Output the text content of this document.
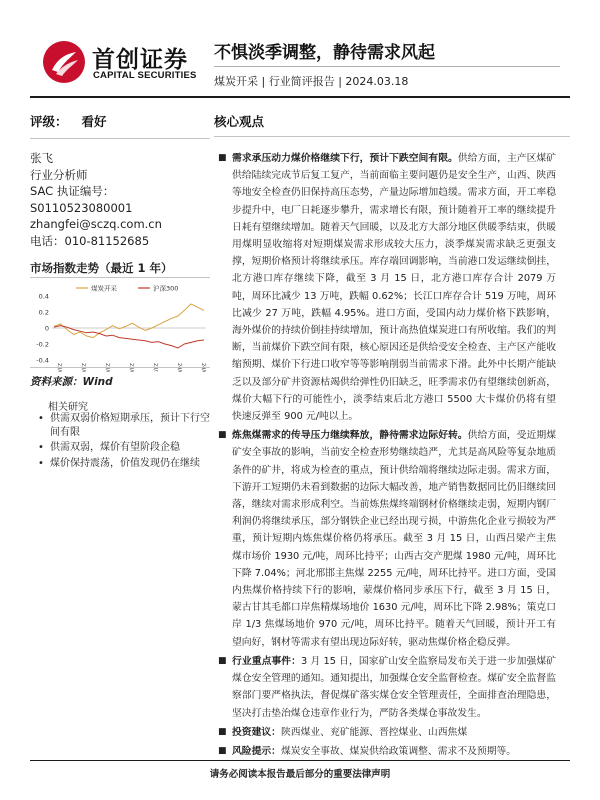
首创证券
CAPITAL SECURITIES
不惧淡季调整，静待需求风起
煤炭开采 | 行业简评报告 | 2024.03.18
评级： 看好
张飞
行业分析师
SAC 执证编号：
S0110523080001
zhangfei@sczq.com.cn
电话：010-81152685
市场指数走势（最近 1 年）
0.4
0.2
0
-0.2
-0.4
煤炭开采	沪深300
资料来源：Wind
相关研究
• 供需双弱价格短期承压，预计下行空间有限
• 供需双弱，煤价有望阶段企稳
• 煤价保持震荡，价值发现仍在继续
核心观点
■ 需求承压动力煤价格继续下行，预计下跌空间有限。供给方面，主产区煤矿供给陆续完成节后复工复产，当前面临主要问题仍是安全生产，山西、陕西等地安全检查仍旧保持高压态势，产量边际增加趋缓。需求方面，开工率稳步提升中，电厂日耗逐步攀升，需求增长有限，预计随着开工率的继续提升日耗有望继续增加。随着天气回暖，以及北方大部分地区供暖季结束，供暖用煤明显收缩将对短期煤炭需求形成较大压力，淡季煤炭需求缺乏更强支撑，短期价格预计将继续承压。库存端回调影响，当前港口发运继续倒挂，北方港口库存继续下降，截至 3 月 15 日，北方港口库存合计 2079 万吨，周环比减少 13 万吨，跌幅 0.62%；长江口库存合计 519 万吨，周环比减少 27 万吨，跌幅 4.95%。进口方面，受国内动力煤价格下跌影响，海外煤价的持续价倒挂持续增加，预计高热值煤炭进口有所收缩。我们的判断，当前煤价下跌空间有限，核心原因还是供给受安全检查、主产区产能收缩预期、煤价下行进口收窄等等影响削弱当前需求下滑。此外中长期产能缺乏以及部分矿井资源枯竭供给弹性仍旧缺乏，旺季需求仍有望继续创新高，煤价大幅下行的可能性小，淡季结束后北方港口 5500 大卡煤价仍将有望快速反弹至 900 元/吨以上。
■ 炼焦煤需求的传导压力继续释放，静待需求边际好转。供给方面，受近期煤矿安全事故的影响，当前安全检查形势继续趋严，尤其是高风险等复杂地质条件的矿井，将成为检查的重点，预计供给端将继续边际走弱。需求方面，下游开工短期仍未看到数据的边际大幅改善，地产销售数据同比仍旧继续回落，继续对需求形成利空。当前炼焦煤终端钢材价格继续走弱，短期内钢厂利润仍将继续承压，部分钢铁企业已经出现亏损，中游焦化企业亏损较为严重，预计短期内炼焦煤价格仍将承压。截至 3 月 15 日，山西吕梁产主焦煤市场价 1930 元/吨，周环比持平；山西古交产肥煤 1980 元/吨，周环比下降 7.04%；河北邢邯主焦煤 2255 元/吨，周环比持平。进口方面，受国内焦煤价格持续下行的影响，蒙煤价格同步承压下行，截至 3 月 15 日，蒙古甘其毛都口岸焦精煤场地价 1630 元/吨，周环比下降 2.98%；策克口岸 1/3 焦煤场地价 970 元/吨，周环比持平。随着天气回暖，预计开工有望向好，钢材等需求有望出现边际好转，驱动焦煤价格企稳反弹。
■ 行业重点事件：3 月 15 日，国家矿山安全监察局发布关于进一步加强煤矿煤仓安全管理的通知。通知提出，加强煤仓安全监督检查。煤矿安全监督监察部门要严格执法，督促煤矿落实煤仓安全管理责任，全面排查治理隐患，坚决打击垫治煤仓违章作业行为，严防各类煤仓事故发生。
■ 投资建议：陕西煤业、兖矿能源、晋控煤业、山西焦煤
■ 风险提示：煤炭安全事故、煤炭供给政策调整、需求不及预期等。
请务必阅读本报告最后部分的重要法律声明
